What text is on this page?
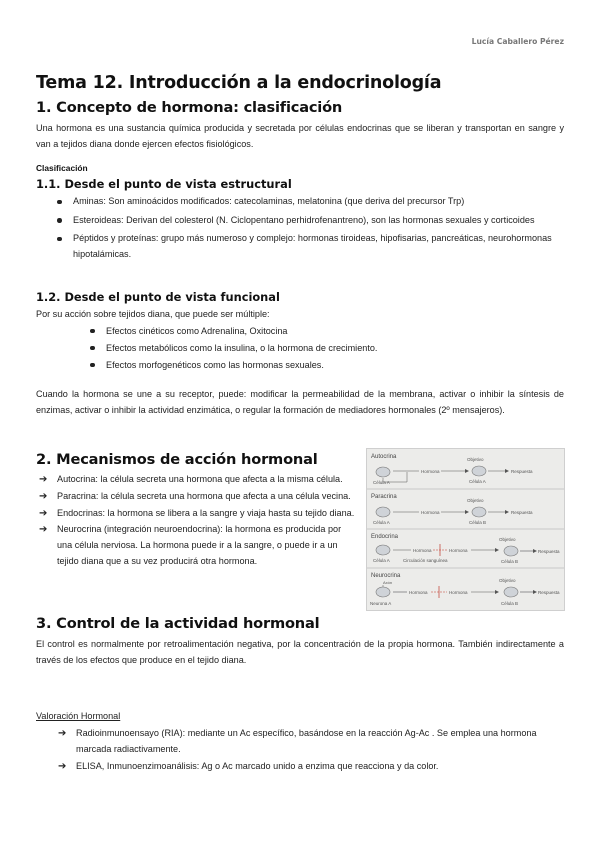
Lucía Caballero Pérez
Tema 12. Introducción a la endocrinología
1. Concepto de hormona: clasificación

Una hormona es una sustancia química producida y secretada por células endocrinas que se liberan y transportan en sangre y van a tejidos diana donde ejercen efectos fisiológicos.

Clasificación
1.1. Desde el punto de vista estructural
Aminas: Son aminoácidos modificados: catecolaminas, melatonina (que deriva del precursor Trp)
Esteroideas: Derivan del colesterol (N. Ciclopentano perhidrofenantreno), son las hormonas sexuales y corticoides
Péptidos y proteínas: grupo más numeroso y complejo: hormonas tiroideas, hipofisarias, pancreáticas, neurohormonas hipotalámicas.
1.2. Desde el punto de vista funcional

Por su acción sobre tejidos diana, que puede ser múltiple:

Efectos cinéticos como Adrenalina, Oxitocina
Efectos metabólicos como la insulina, o la hormona de crecimiento.
Efectos morfogenéticos como las hormonas sexuales.

Cuando la hormona se une a su receptor, puede: modificar la permeabilidad de la membrana, activar o inhibir la síntesis de enzimas, activar o inhibir la actividad enzimática, o regular la formación de mediadores hormonales (2º mensajeros).

2. Mecanismos de acción hormonal
➔ Autocrina: la célula secreta una hormona que afecta a la misma célula.
➔ Paracrina: la célula secreta una hormona que afecta a una célula vecina.
➔ Endocrinas: la hormona se libera a la sangre y viaja hasta su tejido diana.
➔ Neurocrina (integración neuroendocrina): la hormona es producida por una célula nerviosa. La hormona puede ir a la sangre, o puede ir a un tejido diana que a su vez producirá otra hormona.
Autocrina
Célula A
Hormona
Objetivo
Célula A
Respuesta
Paracrina
Célula A
Hormona
Objetivo
Célula B
Respuesta
Endocrina
Célula A
Hormona	Hormona
Circulación sanguínea
Objetivo
Célula B
Respuesta
Neurocrina
Axón
Neurona A
Hormona	Hormona
Objetivo
Célula B
Respuesta
3. Control de la actividad hormonal

El control es normalmente por retroalimentación negativa, por la concentración de la propia hormona. También indirectamente a través de los efectos que produce en el tejido diana.

Valoración Hormonal
➔ Radioinmunoensayo (RIA): mediante un Ac específico, basándose en la reacción Ag-Ac . Se emplea una hormona marcada radiactivamente.
➔ ELISA, Inmunoenzimoanálisis: Ag o Ac marcado unido a enzima que reacciona y da color.
